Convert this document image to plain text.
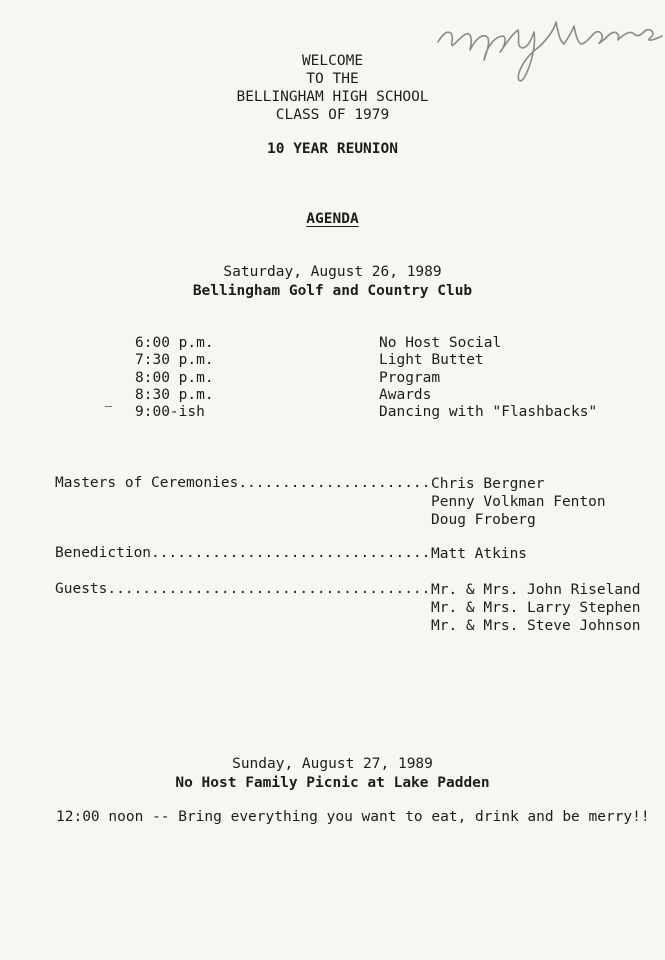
WELCOME
TO THE
BELLINGHAM HIGH SCHOOL
CLASS OF 1979
10 YEAR REUNION
AGENDA
Saturday, August 26, 1989
Bellingham Golf and Country Club
6:00 p.m.	No Host Social
7:30 p.m.	Light Buttet
8:00 p.m.	Program
8:30 p.m.	Awards
9:00-ish	Dancing with "Flashbacks"
Masters of Ceremonies...................... Chris Bergner
Penny Volkman Fenton
Doug Froberg
Benediction................................ Matt Atkins
Guests..................................... Mr. & Mrs. John Riseland
Mr. & Mrs. Larry Stephen
Mr. & Mrs. Steve Johnson
Sunday, August 27, 1989
No Host Family Picnic at Lake Padden
12:00 noon -- Bring everything you want to eat, drink and be merry!!
